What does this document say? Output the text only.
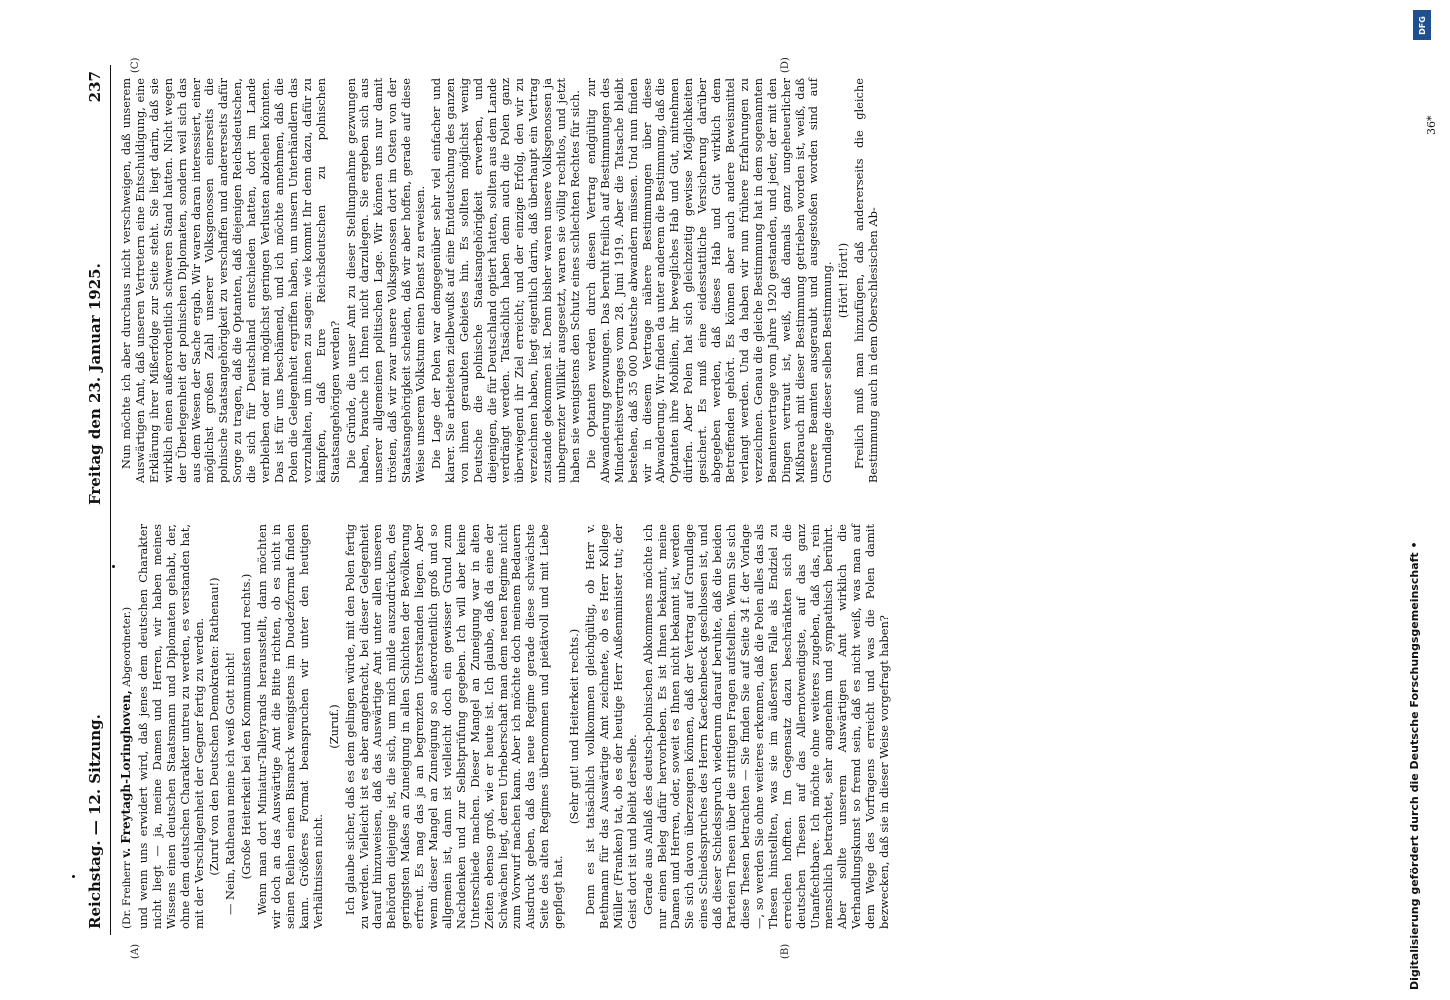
Reichstag. — 12. Sitzung.
Freitag den 23. Januar 1925.
237

(Dr. Freiherr v. Freytagh-Loringhoven, Abgeordneter.) und wenn uns erwidert wird, daß jenes dem deutschen Charakter nicht liegt — ja, meine Damen und Herren, wir haben meines Wissens einen deutschen Staatsmann und Diplomaten gehabt, der, ohne dem deutschen Charakter untreu zu werden, es verstanden hat, mit der Verschlagenheit der Gegner fertig zu werden. (Zuruf von den Deutschen Demokraten: Rathenau!) — Nein, Rathenau meine ich weiß Gott nicht! (Große Heiterkeit bei den Kommunisten und rechts.) Wenn man dort Miniatur-Talleyrands herausstellt, dann möchten wir doch an das Auswärtige Amt die Bitte richten, ob es nicht in seinen Reihen einen Bismarck wenigstens im Duodezformat finden kann. Größeres Format beanspruchen wir unter den heutigen Verhältnissen nicht.

(Zuruf.) Ich glaube sicher, daß es dem gelingen würde, mit den Polen fertig zu werden. Vielleicht ist es aber angebracht, bei dieser Gelegenheit darauf hinzuweisen, daß das Auswärtige Amt unter allen unseren Behörden diejenige ist, die sich, um mich milde auszudrücken, des geringsten Maßes an Zuneigung in allen Schichten der Bevölkerung erfreut. Es mag das ja an begrenzten Unterstanden liegen. Aber wenn dieser Mangel an Zuneigung so außerordentlich groß und so allgemein ist, dann ist vielleicht doch ein gewisser Grund zum Nachdenken und zur Selbstprüfung gegeben. Ich will aber keine Unterschiede machen. Dieser Mangel an Zuneigung war in alten Zeiten ebenso groß, wie er heute ist. Ich glaube, daß da eine der Schwächen liegt, deren Urheberschaft man dem neuen Regime nicht zum Vorwurf machen kann. Aber ich möchte doch meinem Bedauern Ausdruck geben, daß das neue Regime gerade diese schwächste Seite des alten Regimes übernommen und pietätvoll und mit Liebe gepflegt hat.

(Sehr gut! und Heiterkeit rechts.) Denn es ist tatsächlich vollkommen gleichgültig, ob Herr v. Bethmann für das Auswärtige Amt zeichnete, ob es Herr Kollege Müller (Franken) tat, ob es der heutige Herr Außenminister tut; der Geist dort ist und bleibt derselbe. Gerade aus Anlaß des deutsch-polnischen Abkommens möchte ich nur einen Beleg dafür hervorheben. Es ist Ihnen bekannt, meine Damen und Herren, oder, soweit es Ihnen nicht bekannt ist, werden Sie sich davon überzeugen können, daß der Vertrag auf Grundlage eines Schiedsspruches des Herrn Kaeckenbeeck geschlossen ist, und daß dieser Schiedsspruch wiederum darauf beruhte, daß die beiden Parteien Thesen über die strittigen Fragen aufstellten. Wenn Sie sich diese Thesen betrachten — Sie finden Sie auf Seite 34 f. der Vorlage —, so werden Sie ohne weiteres erkennen, daß die Polen alles das als Thesen hinstellten, was sie im äußersten Falle als Endziel zu erreichen hofften. Im Gegensatz dazu beschränkten sich die deutschen Thesen auf das Allernotwendigste, auf das ganz Unanfechtbare. Ich möchte ohne weiteres zugeben, daß das, rein menschlich betrachtet, sehr angenehm und sympathisch berührt. Aber sollte unserem Auswärtigen Amt wirklich die Verhandlungskunst so fremd sein, daß es nicht weiß, was man auf dem Wege des Vorfragens erreicht und was die Polen damit bezwecken, daß sie in dieser Weise vorgefragt haben?

Nun möchte ich aber durchaus nicht verschweigen, daß unserem Auswärtigen Amt, daß unseren Vertretern eine Entschuldigung, eine Erklärung ihrer Mißerfolge zur Seite steht. Sie liegt darin, daß sie wirklich einen außerordentlich schweren Stand hatten. Nicht wegen der Überlegenheit der polnischen Diplomaten, sondern weil sich das aus dem Wesen der Sache ergab. Wir waren daran interessiert, einer möglichst großen Zahl unserer Volksgenossen einerseits die polnische Staatsangehörigkeit zu verschaffen und andererseits dafür Sorge zu tragen, daß die Optanten, daß diejenigen Reichsdeutschen, die sich für Deutschland entschieden hatten, dort im Lande verbleiben oder mit möglichst geringen Verlusten abziehen könnten. Das ist für uns beschämend, und ich möchte annehmen, daß die Polen die Gelegenheit ergriffen haben, um unsern Unterhändlern das vorzuhalten, um ihnen zu sagen: wie kommt Ihr denn dazu, dafür zu kämpfen, daß Eure Reichsdeutschen zu polnischen Staatsangehörigen werden? Die Gründe, die unser Amt zu dieser Stellungnahme gezwungen haben, brauche ich Ihnen nicht darzulegen. Sie ergeben sich aus unserer allgemeinen politischen Lage. Wir können uns nur damit trösten, daß wir zwar unsere Volksgenossen dort im Osten von der Staatsangehörigkeit scheiden, daß wir aber hoffen, gerade auf diese Weise unserem Volkstum einen Dienst zu erweisen. Die Lage der Polen war demgegenüber sehr viel einfacher und klarer. Sie arbeiteten zielbewußt auf eine Entdeutschung des ganzen von ihnen geraubten Gebietes hin. Es sollten möglichst wenig Deutsche die polnische Staatsangehörigkeit erwerben, und diejenigen, die für Deutschland optiert hatten, sollten aus dem Lande verdrängt werden. Tatsächlich haben denn auch die Polen ganz überwiegend ihr Ziel erreicht; und der einzige Erfolg, den wir zu verzeichnen haben, liegt eigentlich darin, daß überhaupt ein Vertrag zustande gekommen ist. Denn bisher waren unsere Volksgenossen ja unbegrenzter Willkür ausgesetzt, waren sie völlig rechtlos, und jetzt haben sie wenigstens den Schutz eines schlechten Rechtes für sich. Die Optanten werden durch diesen Vertrag endgültig zur Abwanderung gezwungen. Das beruht freilich auf Bestimmungen des Minderheitsvertrages vom 28. Juni 1919. Aber die Tatsache bleibt bestehen, daß 35 000 Deutsche abwandern müssen. Und nun finden wir in diesem Vertrage nähere Bestimmungen über diese Abwanderung. Wir finden da unter anderem die Bestimmung, daß die Optanten ihre Mobilien, ihr bewegliches Hab und Gut, mitnehmen dürfen. Aber Polen hat sich gleichzeitig gewisse Möglichkeiten gesichert. Es muß eine eidesstattliche Versicherung darüber abgegeben werden, daß dieses Hab und Gut wirklich dem Betreffenden gehört. Es können aber auch andere Beweismittel verlangt werden. Und da haben wir nun frühere Erfahrungen zu verzeichnen. Genau die gleiche Bestimmung hat in dem sogenannten Beamtenvertrage vom Jahre 1920 gestanden, und jeder, der mit den Dingen vertraut ist, weiß, daß damals ganz ungeheuerlicher Mißbrauch mit dieser Bestimmung getrieben worden ist, weiß, daß unsere Beamten ausgeraubt und ausgestoßen worden sind auf Grundlage dieser selben Bestimmung. (Hört! Hört!) Freilich muß man hinzufügen, daß andererseits die gleiche Bestimmung auch in dem Oberschlesischen Ab-

(A)	(B)
(C)	(D)
36*
DFG
Digitalisierung gefördert durch die Deutsche Forschungsgemeinschaft •
